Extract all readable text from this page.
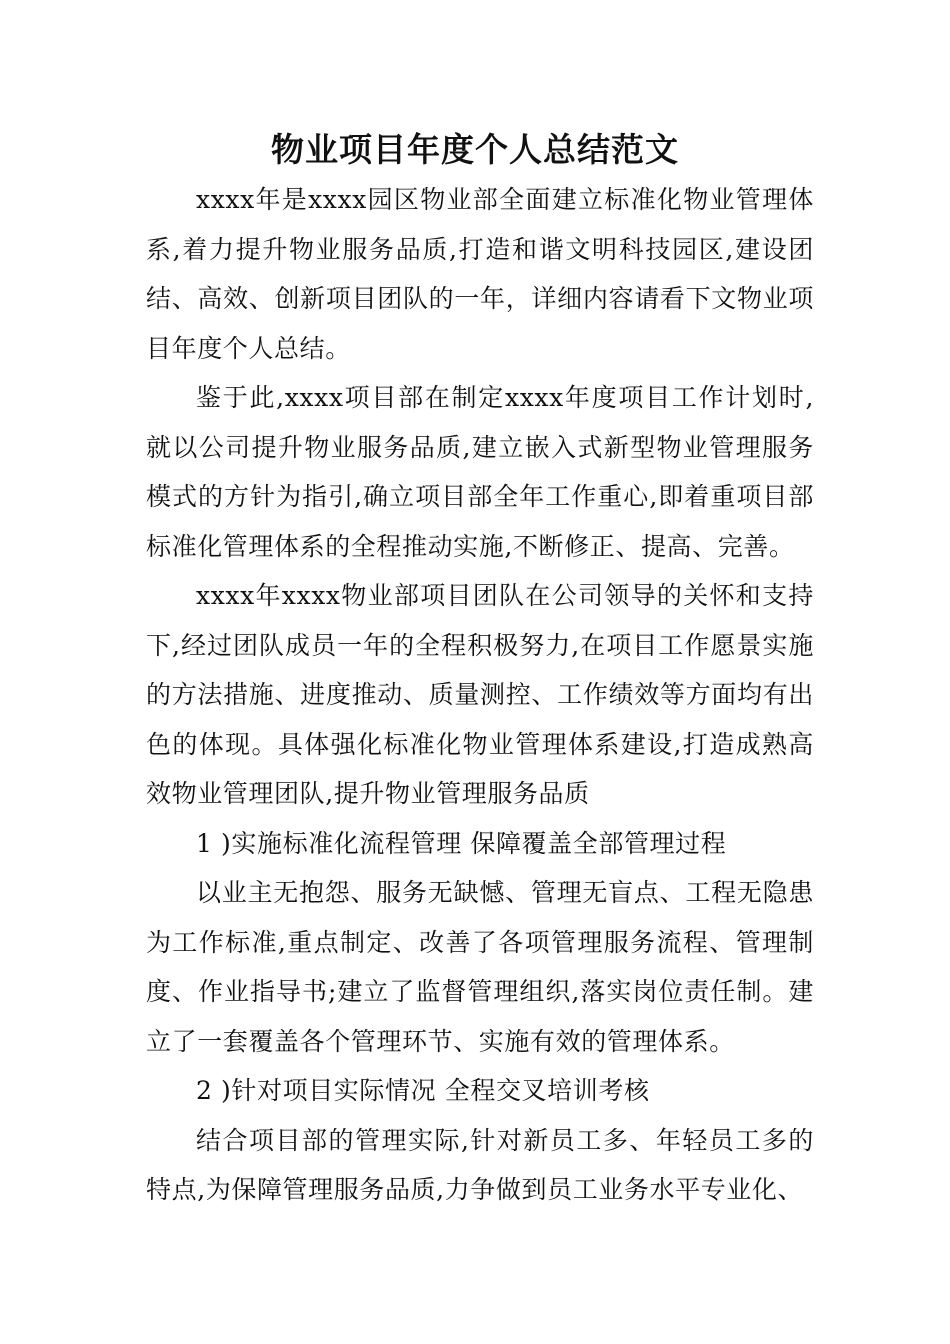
物业项目年度个人总结范文

xxxx年是xxxx园区物业部全面建立标准化物业管理体系,着力提升物业服务品质,打造和谐文明科技园区,建设团结、高效、创新项目团队的一年，详细内容请看下文物业项目年度个人总结。

鉴于此,xxxx项目部在制定xxxx年度项目工作计划时,就以公司提升物业服务品质,建立嵌入式新型物业管理服务模式的方针为指引,确立项目部全年工作重心,即着重项目部标准化管理体系的全程推动实施,不断修正、提高、完善。

xxxx年xxxx物业部项目团队在公司领导的关怀和支持下,经过团队成员一年的全程积极努力,在项目工作愿景实施的方法措施、进度推动、质量测控、工作绩效等方面均有出色的体现。具体强化标准化物业管理体系建设,打造成熟高效物业管理团队,提升物业管理服务品质

1 )实施标准化流程管理 保障覆盖全部管理过程

以业主无抱怨、服务无缺憾、管理无盲点、工程无隐患为工作标准,重点制定、改善了各项管理服务流程、管理制度、作业指导书;建立了监督管理组织,落实岗位责任制。建立了一套覆盖各个管理环节、实施有效的管理体系。

2 )针对项目实际情况 全程交叉培训考核

结合项目部的管理实际,针对新员工多、年轻员工多的特点,为保障管理服务品质,力争做到员工业务水平专业化、
